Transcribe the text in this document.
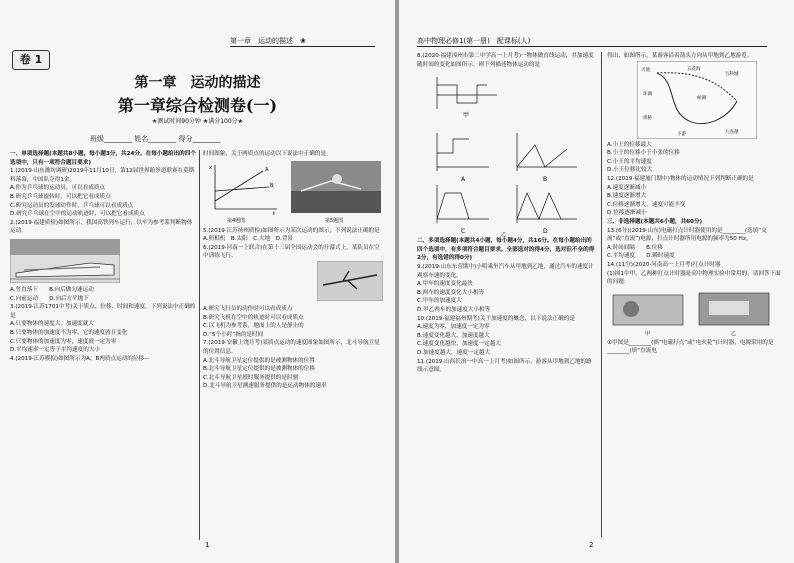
第一章　运动的描述　❀
卷 1
第一章　运动的描述
第一章综合检测卷(一)
★测试时间90分钟 ★满分100分★
班级________ 姓名________ 得分________

一、单项选择题(本题共8小题，每小题3分，共24分。在每小题给出的四个选项中，只有一项符合题目要求)

1.(2019·山东潍坊调研)2019年11月10日，第12届世界跆拳道联赛在莫斯科落幕，中国队夺得1金。

A.作为乒乓球的运动员，可以看成质点

B.研究乒乓球旋转时，可以把它看成质点

C.研究运动员的发球动作时，乒乓球可以看成质点

D.研究乒乓球在空中的运动轨迹时，可以把它看成质点

2.(2019·福建质检)如图所示，我国高铁列车运行，以车为参考系判断物体运动。

A.竖直落下　　B.向后做匀速运动

C.向前运动　　D.向后方平抛下

3.(2019·江苏1701中考)关于质点、位移、时间和速度，下列说法中正确的是

A.只要物体的速度大，加速度就大

B.只要物体的加速度不为零，它的速度就在变化

C.只要物体的加速度为零，速度就一定为零

D.平均速率一定等于平均速度的大小

4.(2019·江苏模拟)如图所示为A、B两质点运动的位移—

时间图象，关于两质点的运动以下说法中正确的是

A
B
x
t
第4题图	第5题图

5.(2019·江苏扬州质检)如图所示为某次运动的图示，下列说法正确的是

A.照相机　B.太阳　C.大地　D.背景

6.(2019·河南一上联合)在第十三届全国运动会的开幕式上，某队员在空中训练飞行。

A.研究飞行员的动作时可以看成质点

B.研究飞机在空中的轨迹时可以看成质点

C.以飞机为参考系，地面上的人是静止的

D.“5个小时”指的是时间

7.(2019·安徽上饶月考)某质点运动的速度图象如图所示，北斗导航卫星的位置信息。

A.北斗导航卫星定位提供的是被测物体的位置

B.北斗导航卫星定位提供的是被测物体的位移

C.北斗导航卫星授时服务提供的是时刻

D.北斗导航卫星测速服务提供的是运动物体的速率

1
高中物理必修1(第一册)　配课标(人)

8.(2020·福建漳州市第二中学高一上月考)一物体做直线运动，其加速度随时间的变化如图所示，则下列描述物体运动的是

甲
A	B
C	D
乙

二、多项选择题(本题共4小题，每小题4分，共16分。在每小题给出的四个选项中，有多项符合题目要求。全部选对的得4分，选对但不全的得2分，有选错的得0分)

9.(2019·山东东营期中)小明乘坐汽车从甲地到乙地，通过汽车的速度计观察车速的变化。

A.甲车的速度变化最快

B.两车的速度变化大小相等

C.甲车的加速度大

D.甲乙两车的加速度大小相等

10.(2019·福建福州期考)关于加速度的概念，以下说法正确的是

A.速度为零，加速度一定为零

B.速度变化越大，加速度越大

C.速度变化越快，加速度一定越大

D.加速度越大，速度一定越大

11.(2019·山西长治一中高一上月考)如图所示，游客从甲地到乙地的路线示意图。

得出，如图所示，某游客沿着箭头方向从甲地到乙地游览。

天池	五花海
万科城
环湖
候湖
九连瀑
拐桥
下游

A.小王的位移最大

B.小王的位移小于小张的位移

C.小王的平均速度

D.小王位移比较大

12.(2019·福建厦门期中)物体的运动情况下列判断正确的是

A.速度逐渐减小

B.速度逐渐增大

C.位移逐渐增大，速度可能不变

D.位移逐渐减小

三、非选择题(本题共6小题，共60分)

13.(6分)(2019·山东)电磁打点计时器使用的是________(选填“交流”或“直流”)电源，打点计时器所用电源的频率为50 Hz。

A.时间间隔　　B.位移

C.平均速度　　D.瞬时速度

14.(11分)(2020·河南高一上月考)打点计时器

(1)图1中甲、乙两种打点计时器是高中物理实验中常用的，请回答下面的问题：

甲	乙

①甲图是________(填“电磁打点”或“电火花”)计时器，电源采用的是________(填“直流电

2
